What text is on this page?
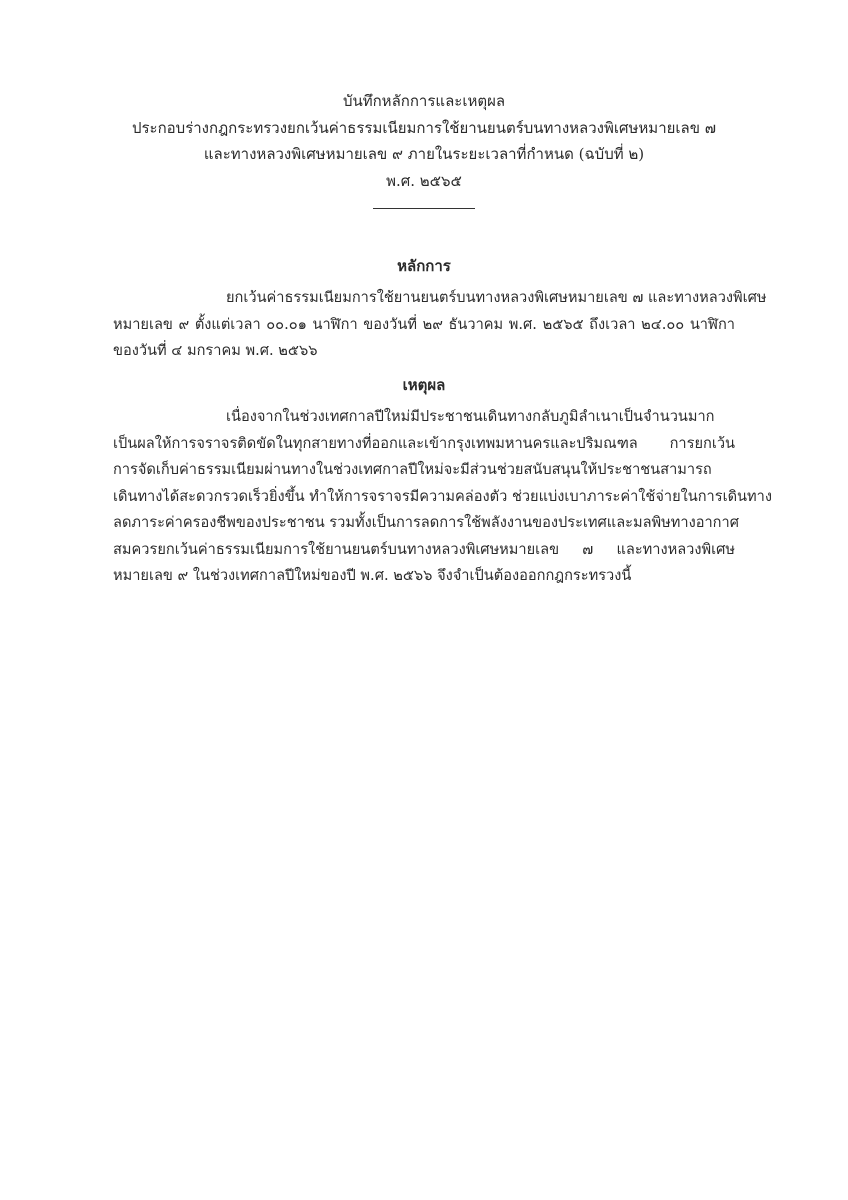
บันทึกหลักการและเหตุผล
ประกอบร่างกฎกระทรวงยกเว้นค่าธรรมเนียมการใช้ยานยนตร์บนทางหลวงพิเศษหมายเลข ๗
และทางหลวงพิเศษหมายเลข ๙ ภายในระยะเวลาที่กำหนด (ฉบับที่ ๒)
พ.ศ. ๒๕๖๕
หลักการ
ยกเว้นค่าธรรมเนียมการใช้ยานยนตร์บนทางหลวงพิเศษหมายเลข ๗ และทางหลวงพิเศษ
หมายเลข ๙ ตั้งแต่เวลา ๐๐.๐๑ นาฬิกา ของวันที่ ๒๙ ธันวาคม พ.ศ. ๒๕๖๕ ถึงเวลา ๒๔.๐๐ นาฬิกา
ของวันที่ ๔ มกราคม พ.ศ. ๒๕๖๖
เหตุผล
เนื่องจากในช่วงเทศกาลปีใหม่มีประชาชนเดินทางกลับภูมิลำเนาเป็นจำนวนมาก
เป็นผลให้การจราจรติดขัดในทุกสายทางที่ออกและเข้ากรุงเทพมหานครและปริมณฑล การยกเว้น
การจัดเก็บค่าธรรมเนียมผ่านทางในช่วงเทศกาลปีใหม่จะมีส่วนช่วยสนับสนุนให้ประชาชนสามารถ
เดินทางได้สะดวกรวดเร็วยิ่งขึ้น ทำให้การจราจรมีความคล่องตัว ช่วยแบ่งเบาภาระค่าใช้จ่ายในการเดินทาง
ลดภาระค่าครองชีพของประชาชน รวมทั้งเป็นการลดการใช้พลังงานของประเทศและมลพิษทางอากาศ
สมควรยกเว้นค่าธรรมเนียมการใช้ยานยนตร์บนทางหลวงพิเศษหมายเลข ๗ และทางหลวงพิเศษ
หมายเลข ๙ ในช่วงเทศกาลปีใหม่ของปี พ.ศ. ๒๕๖๖ จึงจำเป็นต้องออกกฎกระทรวงนี้
